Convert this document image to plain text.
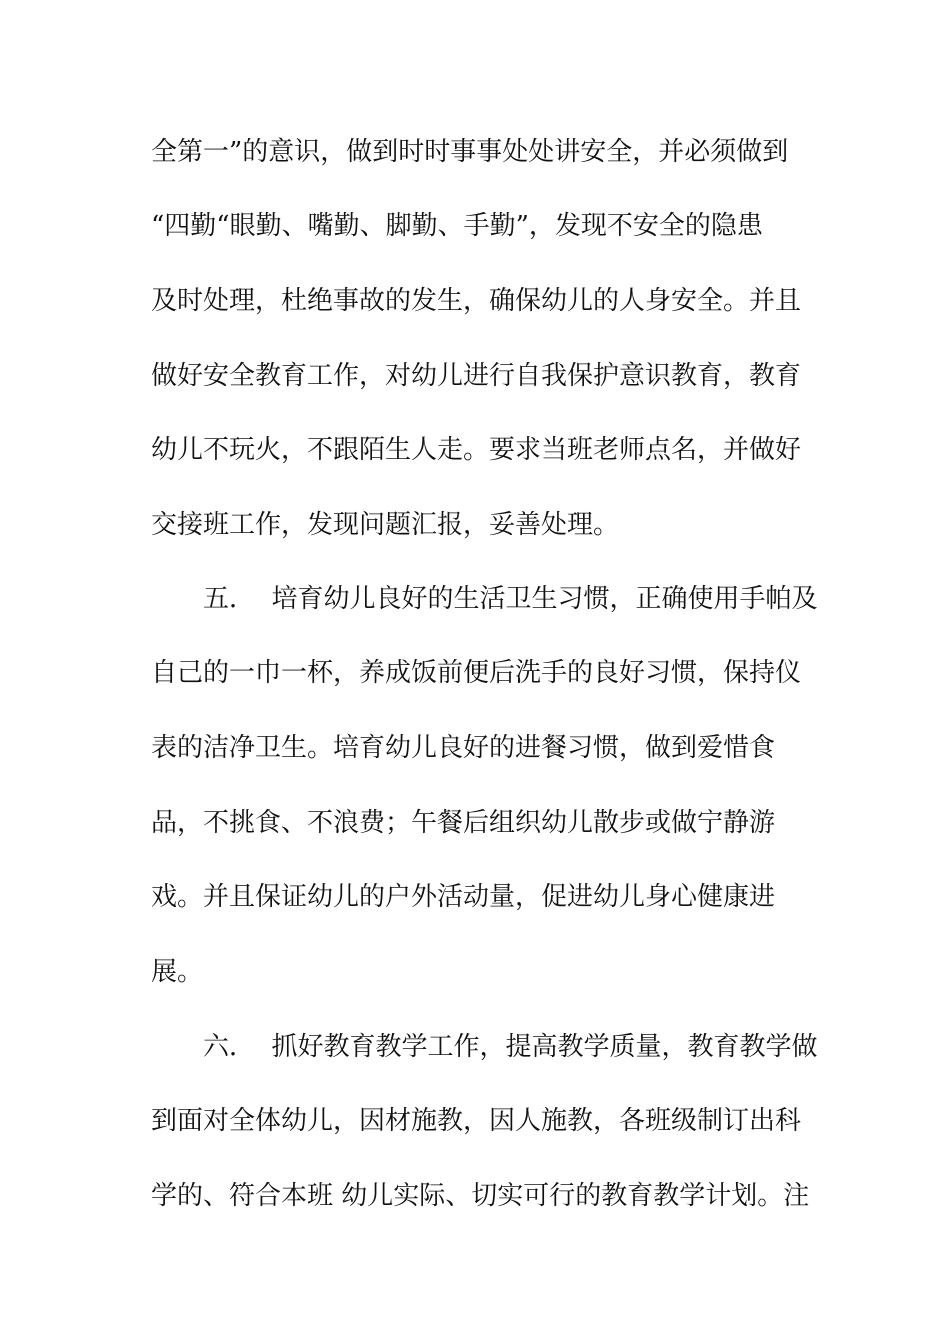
全第一”的意识，做到时时事事处处讲安全，并必须做到
“四勤“眼勤、嘴勤、脚勤、手勤”，发现不安全的隐患
及时处理，杜绝事故的发生，确保幼儿的人身安全。并且
做好安全教育工作，对幼儿进行自我保护意识教育，教育
幼儿不玩火，不跟陌生人走。要求当班老师点名，并做好
交接班工作，发现问题汇报，妥善处理。
五．  培育幼儿良好的生活卫生习惯，正确使用手帕及
自己的一巾一杯，养成饭前便后洗手的良好习惯，保持仪
表的洁净卫生。培育幼儿良好的进餐习惯，做到爱惜食
品，不挑食、不浪费；午餐后组织幼儿散步或做宁静游
戏。并且保证幼儿的户外活动量，促进幼儿身心健康进
展。
六．  抓好教育教学工作，提高教学质量，教育教学做
到面对全体幼儿，因材施教，因人施教，各班级制订出科
学的、符合本班 幼儿实际、切实可行的教育教学计划。注
